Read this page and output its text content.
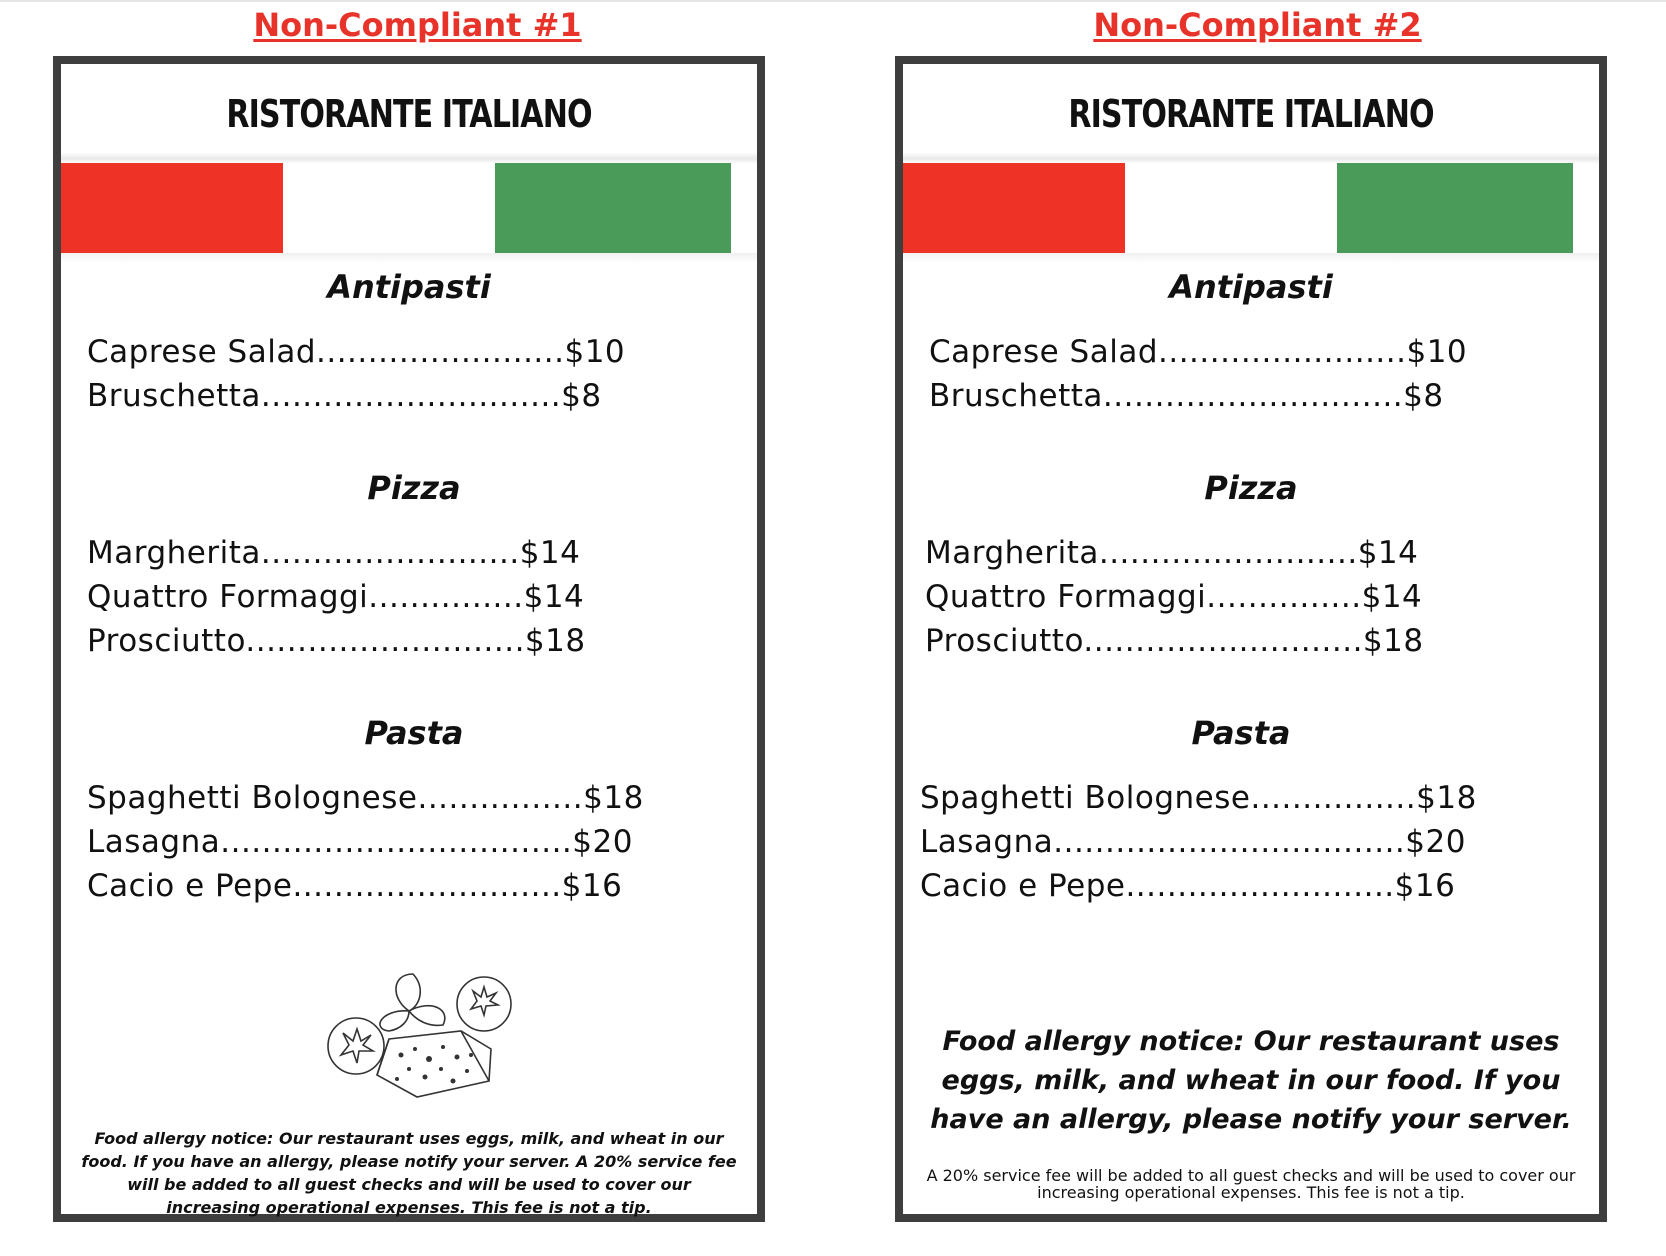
Non-Compliant #1	Non-Compliant #2
RISTORANTE ITALIANO
Antipasti
Caprese Salad........................$10
Bruschetta.............................$8
Pizza
Margherita.........................$14
Quattro Formaggi...............$14
Prosciutto...........................$18
Pasta
Spaghetti Bolognese................$18
Lasagna..................................$20
Cacio e Pepe..........................$16
Food allergy notice: Our restaurant uses eggs, milk, and wheat in our food. If you have an allergy, please notify your server. A 20% service fee will be added to all guest checks and will be used to cover our increasing operational expenses. This fee is not a tip.
RISTORANTE ITALIANO
Antipasti
Caprese Salad........................$10
Bruschetta.............................$8
Pizza
Margherita.........................$14
Quattro Formaggi...............$14
Prosciutto...........................$18
Pasta
Spaghetti Bolognese................$18
Lasagna..................................$20
Cacio e Pepe..........................$16
Food allergy notice: Our restaurant uses eggs, milk, and wheat in our food. If you have an allergy, please notify your server.
A 20% service fee will be added to all guest checks and will be used to cover our increasing operational expenses. This fee is not a tip.
